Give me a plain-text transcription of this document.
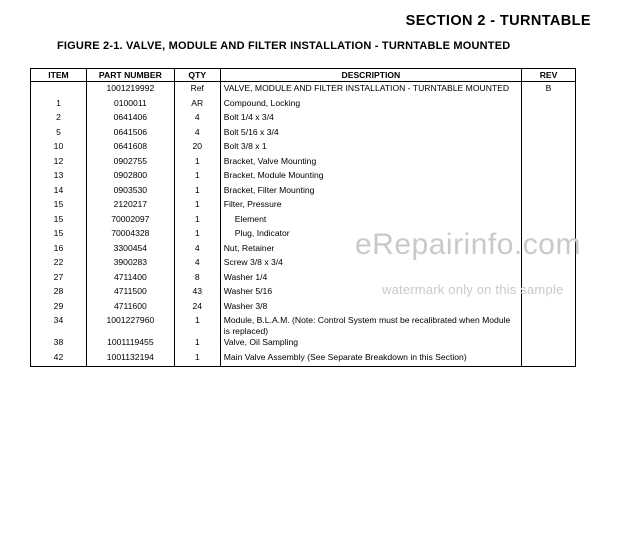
SECTION 2 - TURNTABLE
FIGURE 2-1. VALVE, MODULE AND FILTER INSTALLATION - TURNTABLE MOUNTED
ITEM	PART NUMBER	QTY	DESCRIPTION	REV
	1001219992	Ref	VALVE, MODULE AND FILTER INSTALLATION - TURNTABLE MOUNTED	B
1	0100011	AR	Compound, Locking	
2	0641406	4	Bolt 1/4 x 3/4	
5	0641506	4	Bolt 5/16 x 3/4	
10	0641608	20	Bolt 3/8 x 1	
12	0902755	1	Bracket, Valve Mounting	
13	0902800	1	Bracket, Module Mounting	
14	0903530	1	Bracket, Filter Mounting	
15	2120217	1	Filter, Pressure	
15	70002097	1	Element	
15	70004328	1	Plug, Indicator	
16	3300454	4	Nut, Retainer	
22	3900283	4	Screw 3/8 x 3/4	
27	4711400	8	Washer 1/4	
28	4711500	43	Washer 5/16	
29	4711600	24	Washer 3/8	
34	1001227960	1	Module, B.L.A.M. (Note: Control System must be recalibrated when Module is replaced)	
38	1001119455	1	Valve, Oil Sampling	
42	1001132194	1	Main Valve Assembly (See Separate Breakdown in this Section)	
eRepairinfo.com
watermark only on this sample
